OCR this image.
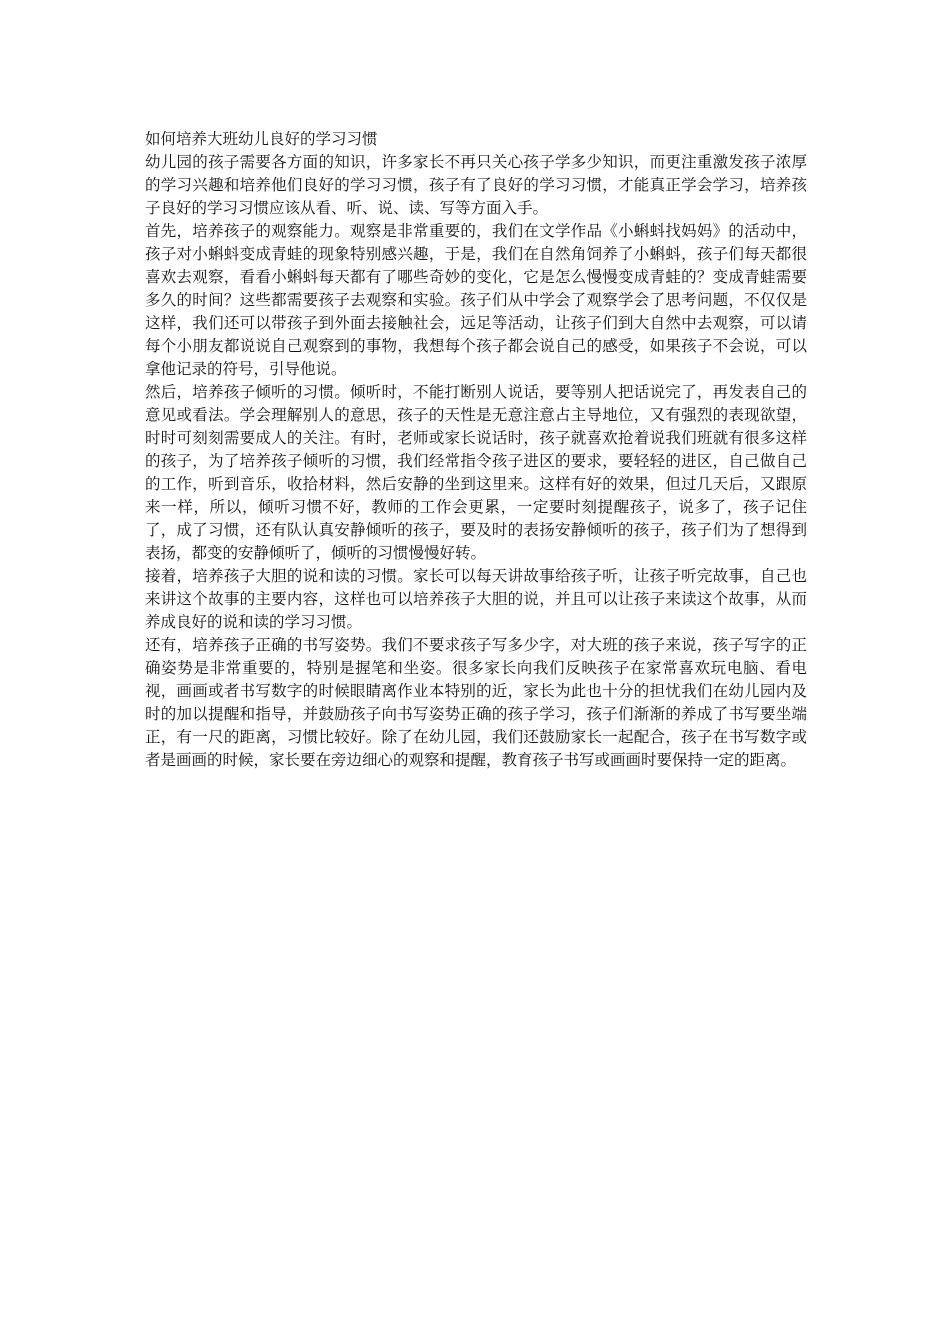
如何培养大班幼儿良好的学习习惯

幼儿园的孩子需要各方面的知识，许多家长不再只关心孩子学多少知识，而更注重激发孩子浓厚的学习兴趣和培养他们良好的学习习惯，孩子有了良好的学习习惯，才能真正学会学习，培养孩子良好的学习习惯应该从看、听、说、读、写等方面入手。

首先，培养孩子的观察能力。观察是非常重要的，我们在文学作品《小蝌蚪找妈妈》的活动中，孩子对小蝌蚪变成青蛙的现象特别感兴趣，于是，我们在自然角饲养了小蝌蚪，孩子们每天都很喜欢去观察，看看小蝌蚪每天都有了哪些奇妙的变化，它是怎么慢慢变成青蛙的？变成青蛙需要多久的时间？这些都需要孩子去观察和实验。孩子们从中学会了观察学会了思考问题，不仅仅是这样，我们还可以带孩子到外面去接触社会，远足等活动，让孩子们到大自然中去观察，可以请每个小朋友都说说自己观察到的事物，我想每个孩子都会说自己的感受，如果孩子不会说，可以拿他记录的符号，引导他说。

然后，培养孩子倾听的习惯。倾听时，不能打断别人说话，要等别人把话说完了，再发表自己的意见或看法。学会理解别人的意思，孩子的天性是无意注意占主导地位，又有强烈的表现欲望，时时可刻刻需要成人的关注。有时，老师或家长说话时，孩子就喜欢抢着说我们班就有很多这样的孩子，为了培养孩子倾听的习惯，我们经常指令孩子进区的要求，要轻轻的进区，自己做自己的工作，听到音乐，收拾材料，然后安静的坐到这里来。这样有好的效果，但过几天后，又跟原来一样，所以，倾听习惯不好，教师的工作会更累，一定要时刻提醒孩子，说多了，孩子记住了，成了习惯，还有队认真安静倾听的孩子，要及时的表扬安静倾听的孩子，孩子们为了想得到表扬，都变的安静倾听了，倾听的习惯慢慢好转。

接着，培养孩子大胆的说和读的习惯。家长可以每天讲故事给孩子听，让孩子听完故事，自己也来讲这个故事的主要内容，这样也可以培养孩子大胆的说，并且可以让孩子来读这个故事，从而养成良好的说和读的学习习惯。

还有，培养孩子正确的书写姿势。我们不要求孩子写多少字，对大班的孩子来说，孩子写字的正确姿势是非常重要的，特别是握笔和坐姿。很多家长向我们反映孩子在家常喜欢玩电脑、看电视，画画或者书写数字的时候眼睛离作业本特别的近，家长为此也十分的担忧我们在幼儿园内及时的加以提醒和指导，并鼓励孩子向书写姿势正确的孩子学习，孩子们渐渐的养成了书写要坐端正，有一尺的距离，习惯比较好。除了在幼儿园，我们还鼓励家长一起配合，孩子在书写数字或者是画画的时候，家长要在旁边细心的观察和提醒，教育孩子书写或画画时要保持一定的距离。
